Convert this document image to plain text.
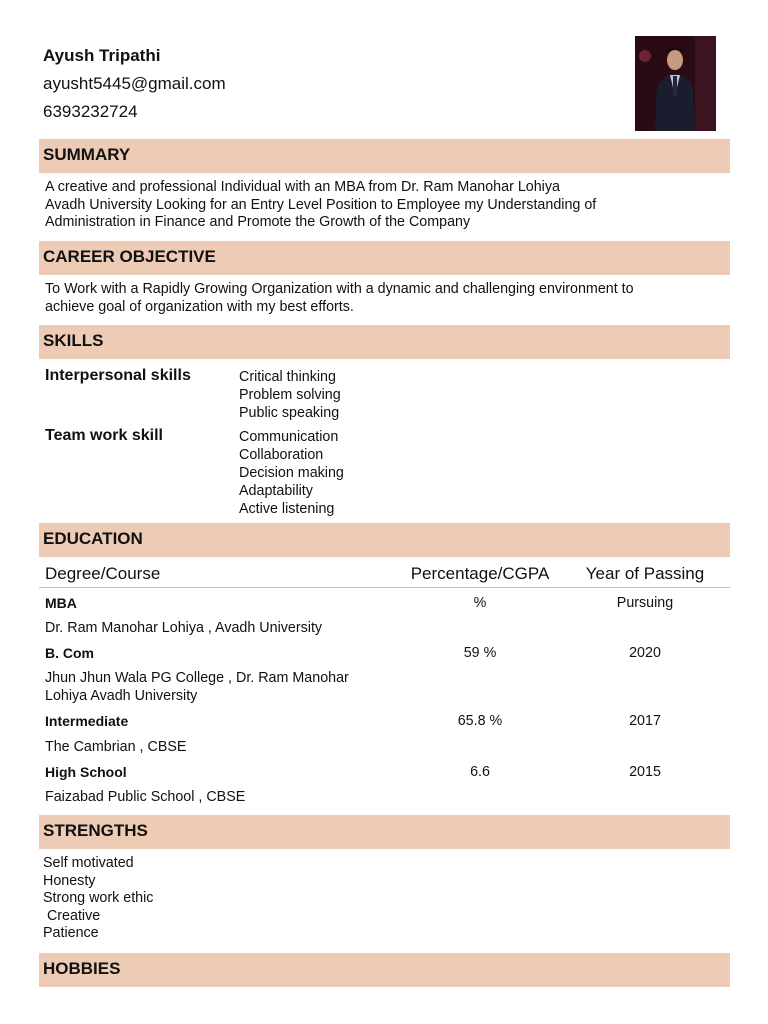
Ayush Tripathi
ayusht5445@gmail.com
6393232724
SUMMARY
A creative and professional Individual with an MBA from Dr. Ram Manohar Lohiya
Avadh University Looking for an Entry Level Position to Employee my Understanding of
Administration in Finance and Promote the Growth of the Company
CAREER OBJECTIVE
To Work with a Rapidly Growing Organization with a dynamic and challenging environment to
achieve goal of organization with my best efforts.
SKILLS
Interpersonal skills	Critical thinking
Problem solving
Public speaking
Team work skill	Communication
Collaboration
Decision making
Adaptability
Active listening
EDUCATION
Degree/Course	Percentage/CGPA	Year of Passing
MBA	%	Pursuing
Dr. Ram Manohar Lohiya , Avadh University
B. Com	59 %	2020
Jhun Jhun Wala PG College , Dr. Ram Manohar
Lohiya Avadh University
Intermediate	65.8 %	2017
The Cambrian , CBSE
High School	6.6	2015
Faizabad Public School , CBSE
STRENGTHS
Self motivated
Honesty
Strong work ethic
Creative
Patience
HOBBIES
